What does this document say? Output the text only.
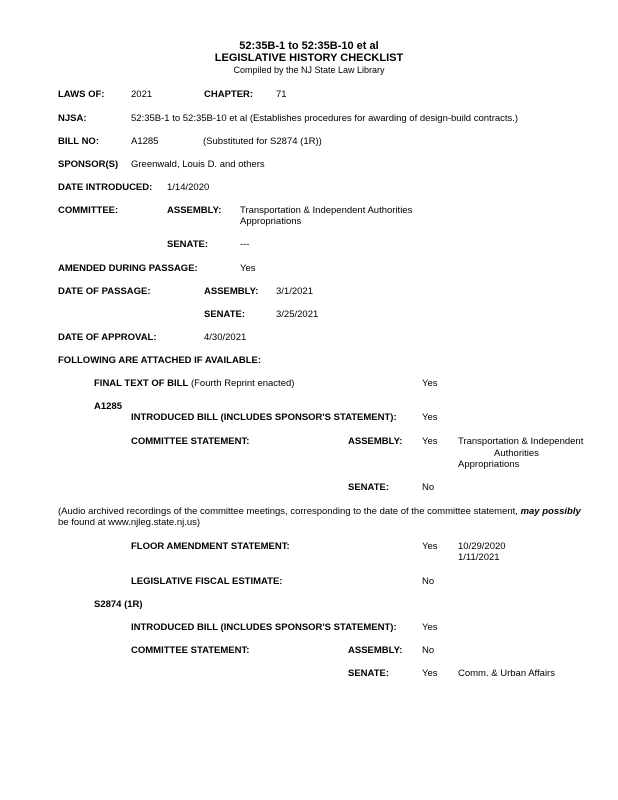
52:35B-1 to 52:35B-10 et al
LEGISLATIVE HISTORY CHECKLIST
Compiled by the NJ State Law Library
LAWS OF:	2021	CHAPTER: 71
NJSA:	52:35B-1 to 52:35B-10 et al (Establishes procedures for awarding of design-build contracts.)
BILL NO:	A1285	(Substituted for S2874 (1R))
SPONSOR(S) Greenwald, Louis D. and others
DATE INTRODUCED: 1/14/2020
COMMITTEE:	ASSEMBLY: Transportation & Independent Authorities
Appropriations
SENATE:	---
AMENDED DURING PASSAGE:	Yes
DATE OF PASSAGE:	ASSEMBLY: 3/1/2021
SENATE:	3/25/2021
DATE OF APPROVAL:	4/30/2021
FOLLOWING ARE ATTACHED IF AVAILABLE:
FINAL TEXT OF BILL (Fourth Reprint enacted)	Yes
A1285
INTRODUCED BILL (INCLUDES SPONSOR'S STATEMENT):	Yes
COMMITTEE STATEMENT:	ASSEMBLY: Yes Transportation & Independent
Authorities
Appropriations
SENATE:	No
(Audio archived recordings of the committee meetings, corresponding to the date of the committee statement, may possibly
be found at www.njleg.state.nj.us)
FLOOR AMENDMENT STATEMENT:	Yes 10/29/2020
1/11/2021
LEGISLATIVE FISCAL ESTIMATE:	No
S2874 (1R)
INTRODUCED BILL (INCLUDES SPONSOR'S STATEMENT):	Yes
COMMITTEE STATEMENT:	ASSEMBLY: No
SENATE:	Yes Comm. & Urban Affairs
